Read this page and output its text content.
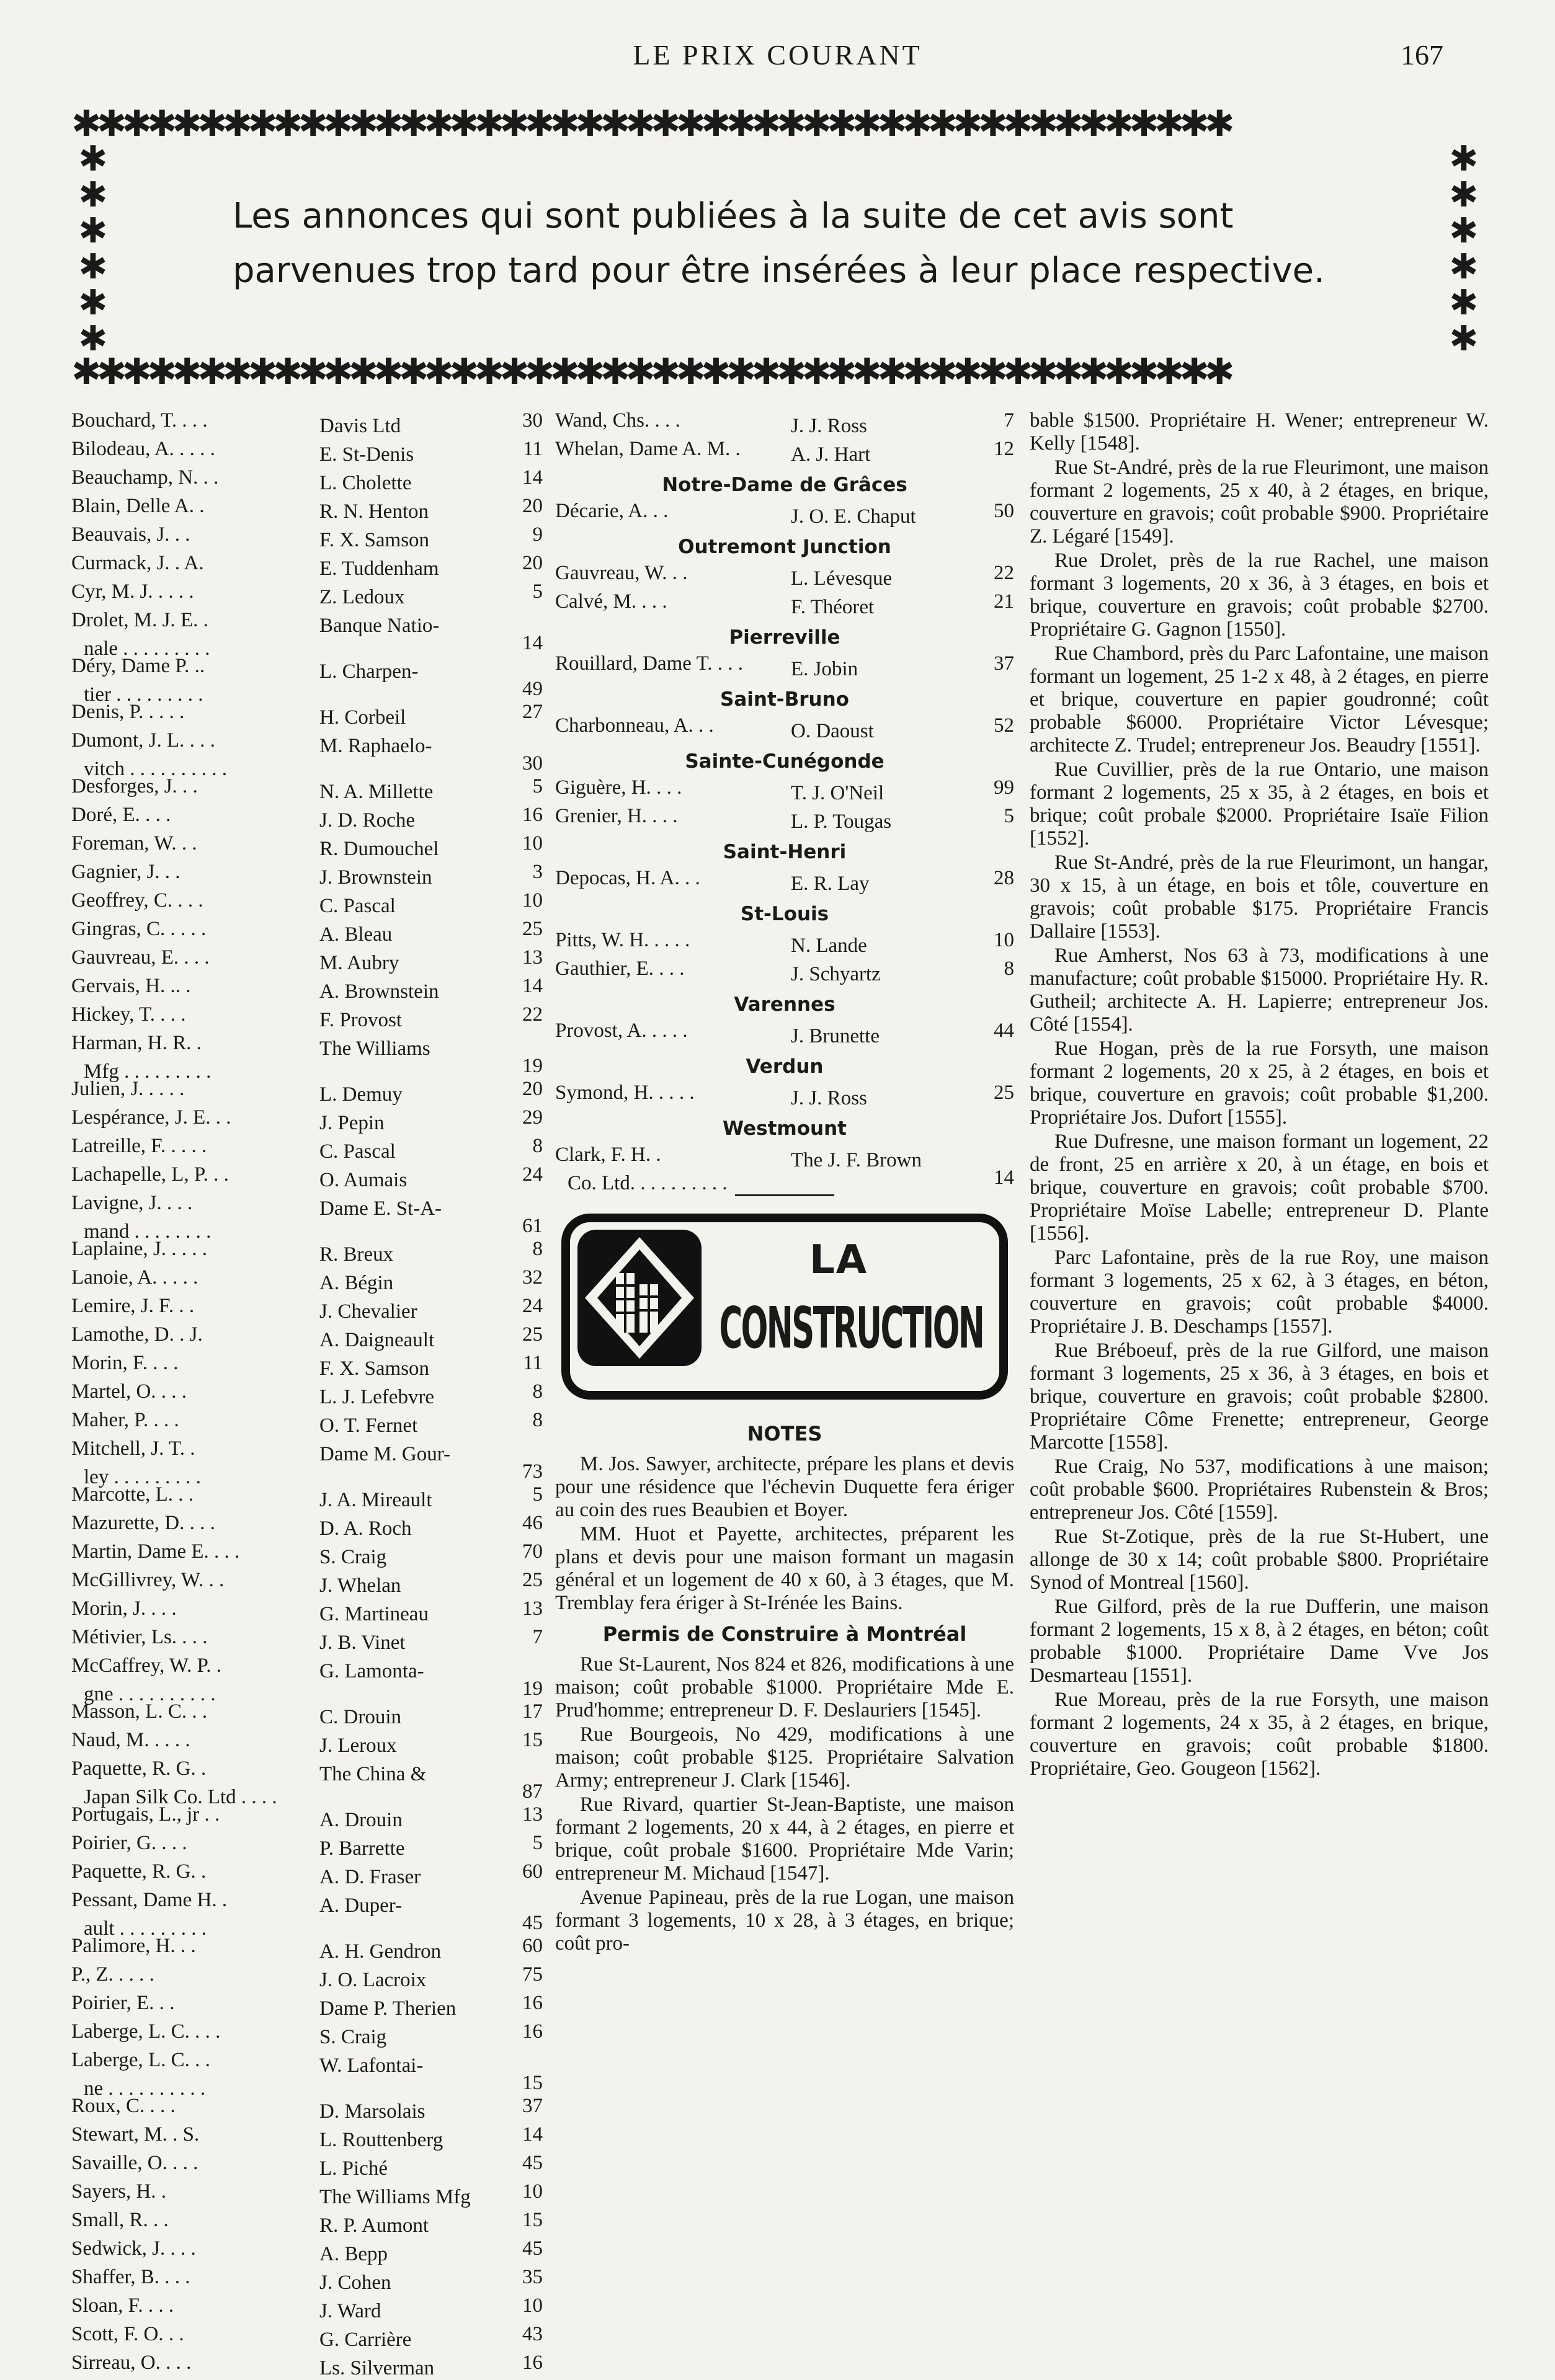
LE PRIX COURANT	167
✱✱✱✱✱✱✱✱✱✱✱✱✱✱✱✱✱✱✱✱✱✱✱✱✱✱✱✱✱✱✱✱✱✱✱✱✱✱✱✱✱✱✱✱✱✱
✱
✱
✱
✱
✱
✱
✱
✱
✱
✱
✱
✱
Les annonces qui sont publiées à la suite de cet avis sont
parvenues trop tard pour être insérées à leur place respective.
✱✱✱✱✱✱✱✱✱✱✱✱✱✱✱✱✱✱✱✱✱✱✱✱✱✱✱✱✱✱✱✱✱✱✱✱✱✱✱✱✱✱✱✱✱✱
Bouchard, T. . . .	Davis Ltd	30
Bilodeau, A. . . . .	E. St-Denis	11
Beauchamp, N. . .	L. Cholette	14
Blain, Delle A. .	R. N. Henton	20
Beauvais, J. . .	F. X. Samson	9
Curmack, J. . A.	E. Tuddenham	20
Cyr, M. J. . . . .	Z. Ledoux	5
Drolet, M. J. E. .	Banque Natio-
nale . . . . . . . . .	14
Déry, Dame P. ..	L. Charpen-
tier . . . . . . . . .	49
Denis, P. . . . .	H. Corbeil	27
Dumont, J. L. . . .	M. Raphaelo-
vitch . . . . . . . . . .	30
Desforges, J. . .	N. A. Millette	5
Doré, E. . . .	J. D. Roche	16
Foreman, W. . .	R. Dumouchel	10
Gagnier, J. . .	J. Brownstein	3
Geoffrey, C. . . .	C. Pascal	10
Gingras, C. . . . .	A. Bleau	25
Gauvreau, E. . . .	M. Aubry	13
Gervais, H. .. .	A. Brownstein	14
Hickey, T. . . .	F. Provost	22
Harman, H. R. .	The Williams
Mfg . . . . . . . . .	19
Julien, J. . . . .	L. Demuy	20
Lespérance, J. E. . .	J. Pepin	29
Latreille, F. . . . .	C. Pascal	8
Lachapelle, L, P. . .	O. Aumais	24
Lavigne, J. . . .	Dame E. St-A-
mand . . . . . . . .	61
Laplaine, J. . . . .	R. Breux	8
Lanoie, A. . . . .	A. Bégin	32
Lemire, J. F. . .	J. Chevalier	24
Lamothe, D. . J.	A. Daigneault	25
Morin, F. . . .	F. X. Samson	11
Martel, O. . . .	L. J. Lefebvre	8
Maher, P. . . .	O. T. Fernet	8
Mitchell, J. T. .	Dame M. Gour-
ley . . . . . . . . .	73
Marcotte, L. . .	J. A. Mireault	5
Mazurette, D. . . .	D. A. Roch	46
Martin, Dame E. . . .	S. Craig	70
McGillivrey, W. . .	J. Whelan	25
Morin, J. . . .	G. Martineau	13
Métivier, Ls. . . .	J. B. Vinet	7
McCaffrey, W. P. .	G. Lamonta-
gne . . . . . . . . . .	19
Masson, L. C. . .	C. Drouin	17
Naud, M. . . . .	J. Leroux	15
Paquette, R. G. .	The China &
Japan Silk Co. Ltd . . . .	87
Portugais, L., jr . .	A. Drouin	13
Poirier, G. . . .	P. Barrette	5
Paquette, R. G. .	A. D. Fraser	60
Pessant, Dame H. .	A. Duper-
ault . . . . . . . . .	45
Palimore, H. . .	A. H. Gendron	60
P., Z. . . . .	J. O. Lacroix	75
Poirier, E. . .	Dame P. Therien	16
Laberge, L. C. . . .	S. Craig	16
Laberge, L. C. . .	W. Lafontai-
ne . . . . . . . . . .	15
Roux, C. . . .	D. Marsolais	37
Stewart, M. . S.	L. Routtenberg	14
Savaille, O. . . .	L. Piché	45
Sayers, H. .	The Williams Mfg	10
Small, R. . .	R. P. Aumont	15
Sedwick, J. . . .	A. Bepp	45
Shaffer, B. . . .	J. Cohen	35
Sloan, F. . . .	J. Ward	10
Scott, F. O. . .	G. Carrière	43
Sirreau, O. . . .	Ls. Silverman	16
Wand, Chs. . . .	J. J. Ross	7
Whelan, Dame A. M. . A. J. Hart	12
Notre-Dame de Grâces
Décarie, A. . .	J. O. E. Chaput	50
Outremont Junction
Gauvreau, W. . .	L. Lévesque	22
Calvé, M. . . .	F. Théoret	21
Pierreville
Rouillard, Dame T. . . . E. Jobin	37
Saint-Bruno
Charbonneau, A. . .	O. Daoust	52
Sainte-Cunégonde
Giguère, H. . . .	T. J. O'Neil	99
Grenier, H. . . .	L. P. Tougas	5
Saint-Henri
Depocas, H. A. . .	E. R. Lay	28
St-Louis
Pitts, W. H. . . . .	N. Lande	10
Gauthier, E. . . .	J. Schyartz	8
Varennes
Provost, A. . . . .	J. Brunette	44
Verdun
Symond, H. . . . .	J. J. Ross	25
Westmount
Clark, F. H. .	The J. F. Brown
Co. Ltd. . . . . . . . . .	14
LA
CONSTRUCTION
NOTES

M. Jos. Sawyer, architecte, prépare les plans et devis pour une résidence que l'échevin Duquette fera ériger au coin des rues Beaubien et Boyer.

MM. Huot et Payette, architectes, préparent les plans et devis pour une maison formant un magasin général et un logement de 40 x 60, à 3 étages, que M. Tremblay fera ériger à St-Irénée les Bains.

Permis de Construire à Montréal

Rue St-Laurent, Nos 824 et 826, modifications à une maison; coût probable $1000. Propriétaire Mde E. Prud'homme; entrepreneur D. F. Deslauriers [1545].

Rue Bourgeois, No 429, modifications à une maison; coût probable $125. Propriétaire Salvation Army; entrepreneur J. Clark [1546].

Rue Rivard, quartier St-Jean-Baptiste, une maison formant 2 logements, 20 x 44, à 2 étages, en pierre et brique, coût probale $1600. Propriétaire Mde Varin; entrepreneur M. Michaud [1547].

Avenue Papineau, près de la rue Logan, une maison formant 3 logements, 10 x 28, à 3 étages, en brique; coût pro-

bable $1500. Propriétaire H. Wener; entrepreneur W. Kelly [1548].

Rue St-André, près de la rue Fleurimont, une maison formant 2 logements, 25 x 40, à 2 étages, en brique, couverture en gravois; coût probable $900. Propriétaire Z. Légaré [1549].

Rue Drolet, près de la rue Rachel, une maison formant 3 logements, 20 x 36, à 3 étages, en bois et brique, couverture en gravois; coût probable $2700. Propriétaire G. Gagnon [1550].

Rue Chambord, près du Parc Lafontaine, une maison formant un logement, 25 1-2 x 48, à 2 étages, en pierre et brique, couverture en papier goudronné; coût probable $6000. Propriétaire Victor Lévesque; architecte Z. Trudel; entrepreneur Jos. Beaudry [1551].

Rue Cuvillier, près de la rue Ontario, une maison formant 2 logements, 25 x 35, à 2 étages, en bois et brique; coût probale $2000. Propriétaire Isaïe Filion [1552].

Rue St-André, près de la rue Fleurimont, un hangar, 30 x 15, à un étage, en bois et tôle, couverture en gravois; coût probable $175. Propriétaire Francis Dallaire [1553].

Rue Amherst, Nos 63 à 73, modifications à une manufacture; coût probable $15000. Propriétaire Hy. R. Gutheil; architecte A. H. Lapierre; entrepreneur Jos. Côté [1554].

Rue Hogan, près de la rue Forsyth, une maison formant 2 logements, 20 x 25, à 2 étages, en bois et brique, couverture en gravois; coût probable $1,200. Propriétaire Jos. Dufort [1555].

Rue Dufresne, une maison formant un logement, 22 de front, 25 en arrière x 20, à un étage, en bois et brique, couverture en gravois; coût probable $700. Propriétaire Moïse Labelle; entrepreneur D. Plante [1556].

Parc Lafontaine, près de la rue Roy, une maison formant 3 logements, 25 x 62, à 3 étages, en béton, couverture en gravois; coût probable $4000. Propriétaire J. B. Deschamps [1557].

Rue Bréboeuf, près de la rue Gilford, une maison formant 3 logements, 25 x 36, à 3 étages, en bois et brique, couverture en gravois; coût probable $2800. Propriétaire Côme Frenette; entrepreneur, George Marcotte [1558].

Rue Craig, No 537, modifications à une maison; coût probable $600. Propriétaires Rubenstein & Bros; entrepreneur Jos. Côté [1559].

Rue St-Zotique, près de la rue St-Hubert, une allonge de 30 x 14; coût probable $800. Propriétaire Synod of Montreal [1560].

Rue Gilford, près de la rue Dufferin, une maison formant 2 logements, 15 x 8, à 2 étages, en béton; coût probable $1000. Propriétaire Dame Vve Jos Desmarteau [1551].

Rue Moreau, près de la rue Forsyth, une maison formant 2 logements, 24 x 35, à 2 étages, en brique, couverture en gravois; coût probable $1800. Propriétaire, Geo. Gougeon [1562].
